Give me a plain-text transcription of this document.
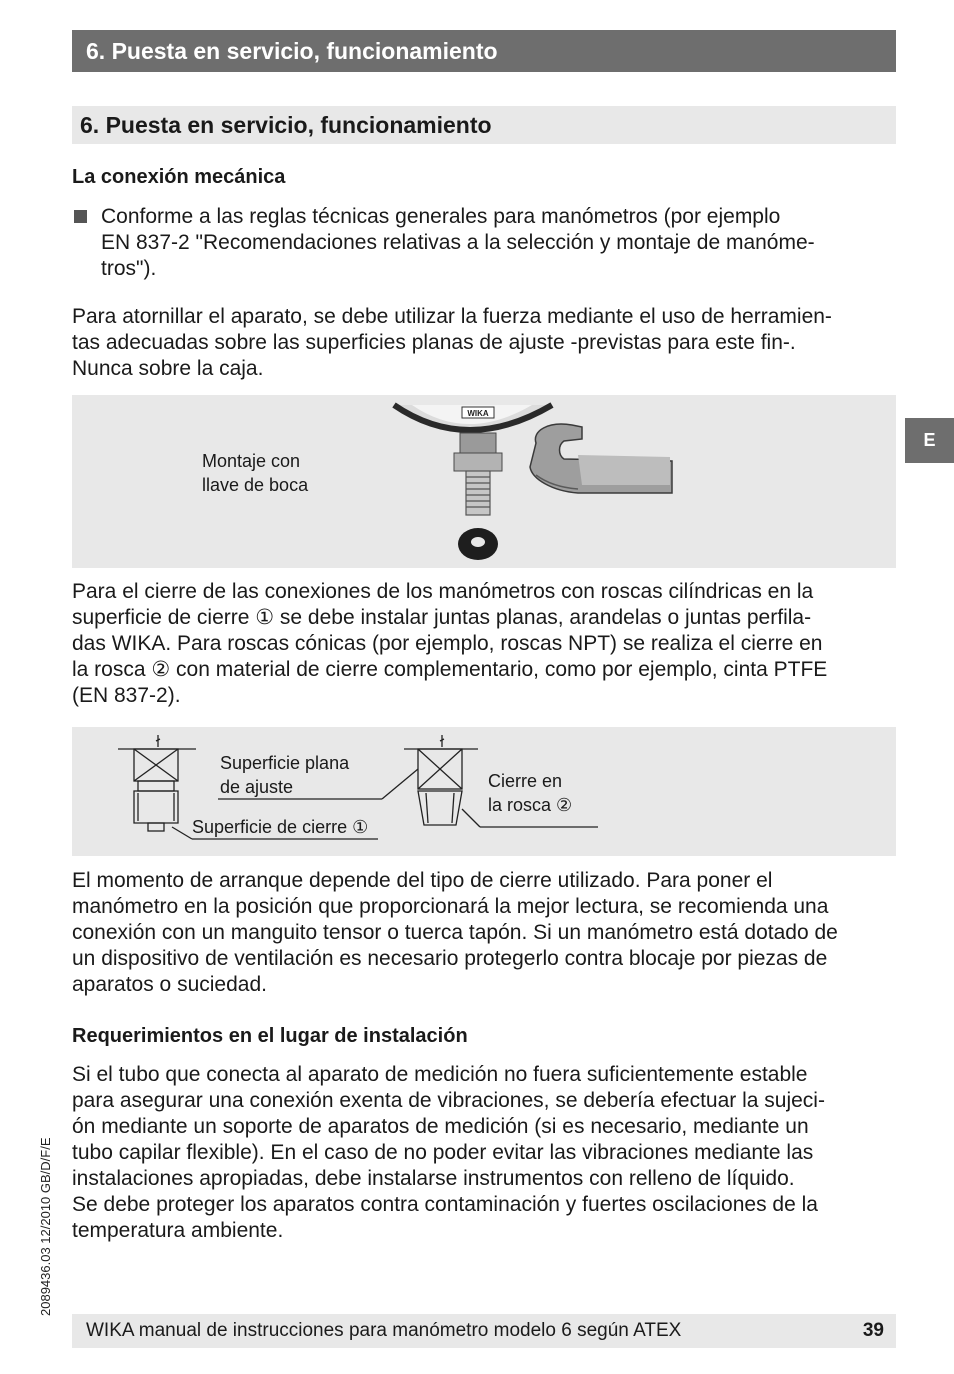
6. Puesta en servicio, funcionamiento
6. Puesta en servicio, funcionamiento
La conexión mecánica
Conforme a las reglas técnicas generales para manómetros (por ejemplo
EN 837-2 "Recomendaciones relativas a la selección y montaje de manóme-
tros").
Para atornillar el aparato, se debe utilizar la fuerza mediante el uso de herramien-
tas adecuadas sobre las superficies planas de ajuste -previstas para este fin-.
Nunca sobre la caja.
Montaje con
llave de boca
WIKA
Para el cierre de las conexiones de los manómetros con roscas cilíndricas en la
superficie de cierre ① se debe instalar juntas planas, arandelas o juntas perfila-
das WIKA. Para roscas cónicas (por ejemplo, roscas NPT) se realiza el cierre en
la rosca ② con material de cierre complementario, como por ejemplo, cinta PTFE
(EN 837-2).
Superficie plana
de ajuste
Superficie de cierre ①
Cierre en
la rosca ②
El momento de arranque depende del tipo de cierre utilizado. Para poner el
manómetro en la posición que proporcionará la mejor lectura, se recomienda una
conexión con un manguito tensor o tuerca tapón. Si un manómetro está dotado de
un dispositivo de ventilación es necesario protegerlo contra blocaje por piezas de
aparatos o suciedad.
Requerimientos en el lugar de instalación
Si el tubo que conecta al aparato de medición no fuera suficientemente estable
para asegurar una conexión exenta de vibraciones, se debería efectuar la sujeci-
ón mediante un soporte de aparatos de medición (si es necesario, mediante un
tubo capilar flexible). En el caso de no poder evitar las vibraciones mediante las
instalaciones apropiadas, debe instalarse instrumentos con relleno de líquido.
Se debe proteger los aparatos contra contaminación y fuertes oscilaciones de la
temperatura ambiente.
E
2089436.03 12/2010 GB/D/F/E
WIKA manual de instrucciones para manómetro modelo 6 según ATEX	39
